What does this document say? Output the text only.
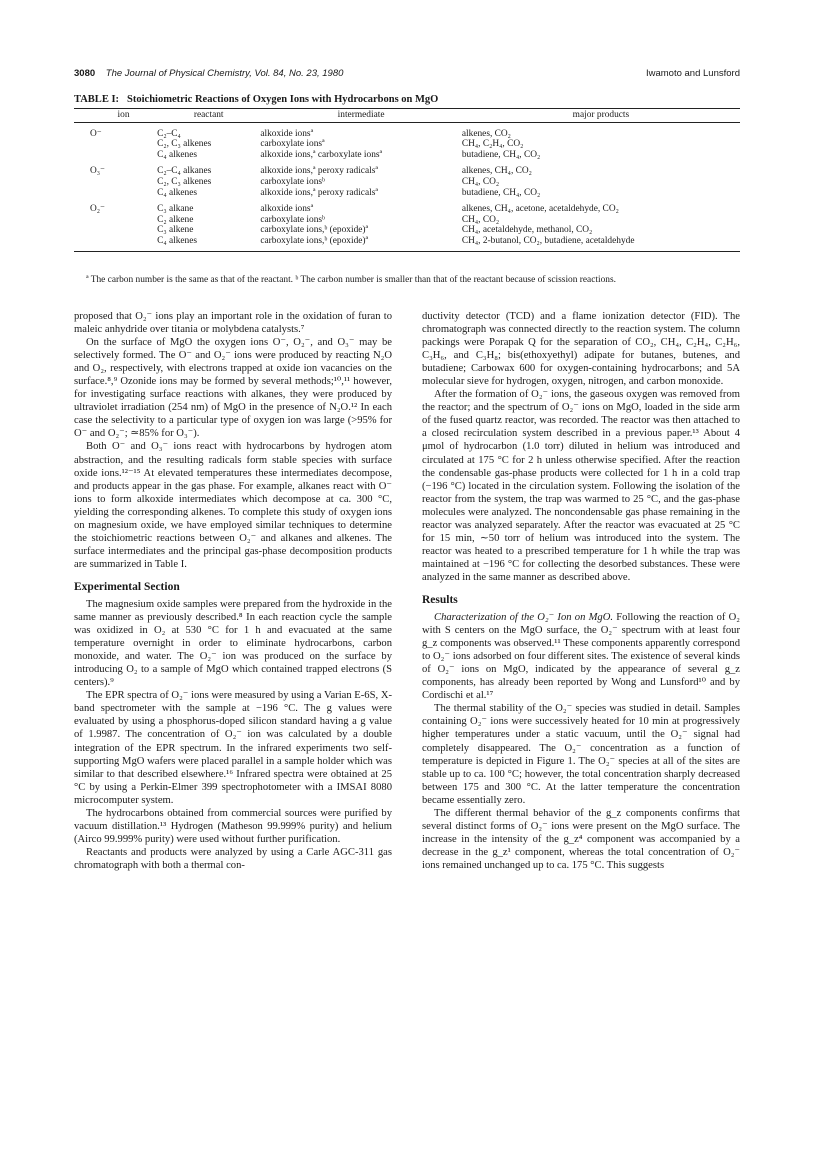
3080 The Journal of Physical Chemistry, Vol. 84, No. 23, 1980	Iwamoto and Lunsford
TABLE I: Stoichiometric Reactions of Oxygen Ions with Hydrocarbons on MgO
ion	reactant	intermediate	major products
O⁻	C₂–C₄	alkoxide ionsª	alkenes, CO₂
	C₂, C₃ alkenes	carboxylate ionsª	CH₄, C₂H₄, CO₂
	C₄ alkenes	alkoxide ions,ª carboxylate ionsª	butadiene, CH₄, CO₂
O₃⁻	C₂–C₄ alkanes	alkoxide ions,ª peroxy radicalsª	alkenes, CH₄, CO₂
	C₂, C₃ alkenes	carboxylate ionsᵇ	CH₄, CO₂
	C₄ alkenes	alkoxide ions,ª peroxy radicalsª	butadiene, CH₄, CO₂
O₂⁻	C₃ alkane	alkoxide ionsª	alkenes, CH₄, acetone, acetaldehyde, CO₂
	C₂ alkene	carboxylate ionsᵇ	CH₄, CO₂
	C₃ alkene	carboxylate ions,ᵇ (epoxide)ª	CH₄, acetaldehyde, methanol, CO₂
	C₄ alkenes	carboxylate ions,ᵇ (epoxide)ª	CH₄, 2-butanol, CO₂, butadiene, acetaldehyde
ª The carbon number is the same as that of the reactant. ᵇ The carbon number is smaller than that of the reactant because of scission reactions.

proposed that O₂⁻ ions play an important role in the oxidation of furan to maleic anhydride over titania or molybdena catalysts.⁷

On the surface of MgO the oxygen ions O⁻, O₂⁻, and O₃⁻ may be selectively formed. The O⁻ and O₂⁻ ions were produced by reacting N₂O and O₂, respectively, with electrons trapped at oxide ion vacancies on the surface.⁸,⁹ Ozonide ions may be formed by several methods;¹⁰,¹¹ however, for investigating surface reactions with alkanes, they were produced by ultraviolet irradiation (254 nm) of MgO in the presence of N₂O.¹² In each case the selectivity to a particular type of oxygen ion was large (>95% for O⁻ and O₂⁻; ≃85% for O₃⁻).

Both O⁻ and O₃⁻ ions react with hydrocarbons by hydrogen atom abstraction, and the resulting radicals form stable species with surface oxide ions.¹²⁻¹⁵ At elevated temperatures these intermediates decompose, and products appear in the gas phase. For example, alkanes react with O⁻ ions to form alkoxide intermediates which decompose at ca. 300 °C, yielding the corresponding alkenes. To complete this study of oxygen ions on magnesium oxide, we have employed similar techniques to determine the stoichiometric reactions between O₂⁻ and alkanes and alkenes. The surface intermediates and the principal gas-phase decomposition products are summarized in Table I.

Experimental Section

The magnesium oxide samples were prepared from the hydroxide in the same manner as previously described.⁸ In each reaction cycle the sample was oxidized in O₂ at 530 °C for 1 h and evacuated at the same temperature overnight in order to eliminate hydrocarbons, carbon monoxide, and water. The O₂⁻ ion was produced on the surface by introducing O₂ to a sample of MgO which contained trapped electrons (S centers).⁹

The EPR spectra of O₂⁻ ions were measured by using a Varian E-6S, X-band spectrometer with the sample at −196 °C. The g values were evaluated by using a phosphorus-doped silicon standard having a g value of 1.9987. The concentration of O₂⁻ ion was calculated by a double integration of the EPR spectrum. In the infrared experiments two self-supporting MgO wafers were placed parallel in a sample holder which was similar to that described elsewhere.¹⁶ Infrared spectra were obtained at 25 °C by using a Perkin-Elmer 399 spectrophotometer with a IMSAI 8080 microcomputer system.

The hydrocarbons obtained from commercial sources were purified by vacuum distillation.¹³ Hydrogen (Matheson 99.999% purity) and helium (Airco 99.999% purity) were used without further purification.

Reactants and products were analyzed by using a Carle AGC-311 gas chromatograph with both a thermal con-

ductivity detector (TCD) and a flame ionization detector (FID). The chromatograph was connected directly to the reaction system. The column packings were Porapak Q for the separation of CO₂, CH₄, C₂H₄, C₂H₆, C₃H₆, and C₃H₈; bis(ethoxyethyl) adipate for butanes, butenes, and butadiene; Carbowax 600 for oxygen-containing hydrocarbons; and 5A molecular sieve for hydrogen, oxygen, nitrogen, and carbon monoxide.

After the formation of O₂⁻ ions, the gaseous oxygen was removed from the reactor; and the spectrum of O₂⁻ ions on MgO, loaded in the side arm of the fused quartz reactor, was recorded. The reactor was then attached to a closed recirculation system described in a previous paper.¹³ About 4 μmol of hydrocarbon (1.0 torr) diluted in helium was introduced and circulated at 175 °C for 2 h unless otherwise specified. After the reaction the condensable gas-phase products were collected for 1 h in a cold trap (−196 °C) located in the circulation system. Following the isolation of the reactor from the system, the trap was warmed to 25 °C, and the gas-phase molecules were analyzed. The noncondensable gas phase remaining in the reactor was analyzed separately. After the reactor was evacuated at 25 °C for 15 min, ∼50 torr of helium was introduced into the system. The reactor was heated to a prescribed temperature for 1 h while the trap was maintained at −196 °C for collecting the desorbed substances. These were analyzed in the same manner as described above.

Results

Characterization of the O₂⁻ Ion on MgO. Following the reaction of O₂ with S centers on the MgO surface, the O₂⁻ spectrum with at least four g_z components was observed.¹¹ These components apparently correspond to O₂⁻ ions adsorbed on four different sites. The existence of several kinds of O₂⁻ ions on MgO, indicated by the appearance of several g_z components, has already been reported by Wong and Lunsford¹⁰ and by Cordischi et al.¹⁷

The thermal stability of the O₂⁻ species was studied in detail. Samples containing O₂⁻ ions were successively heated for 10 min at progressively higher temperatures under a static vacuum, until the O₂⁻ signal had completely disappeared. The O₂⁻ concentration as a function of temperature is depicted in Figure 1. The O₂⁻ species at all of the sites are stable up to ca. 100 °C; however, the total concentration sharply decreased between 175 and 300 °C. At the latter temperature the concentration became essentially zero.

The different thermal behavior of the g_z components confirms that several distinct forms of O₂⁻ ions were present on the MgO surface. The increase in the intensity of the g_z⁴ component was accompanied by a decrease in the g_z¹ component, whereas the total concentration of O₂⁻ ions remained unchanged up to ca. 175 °C. This suggests
